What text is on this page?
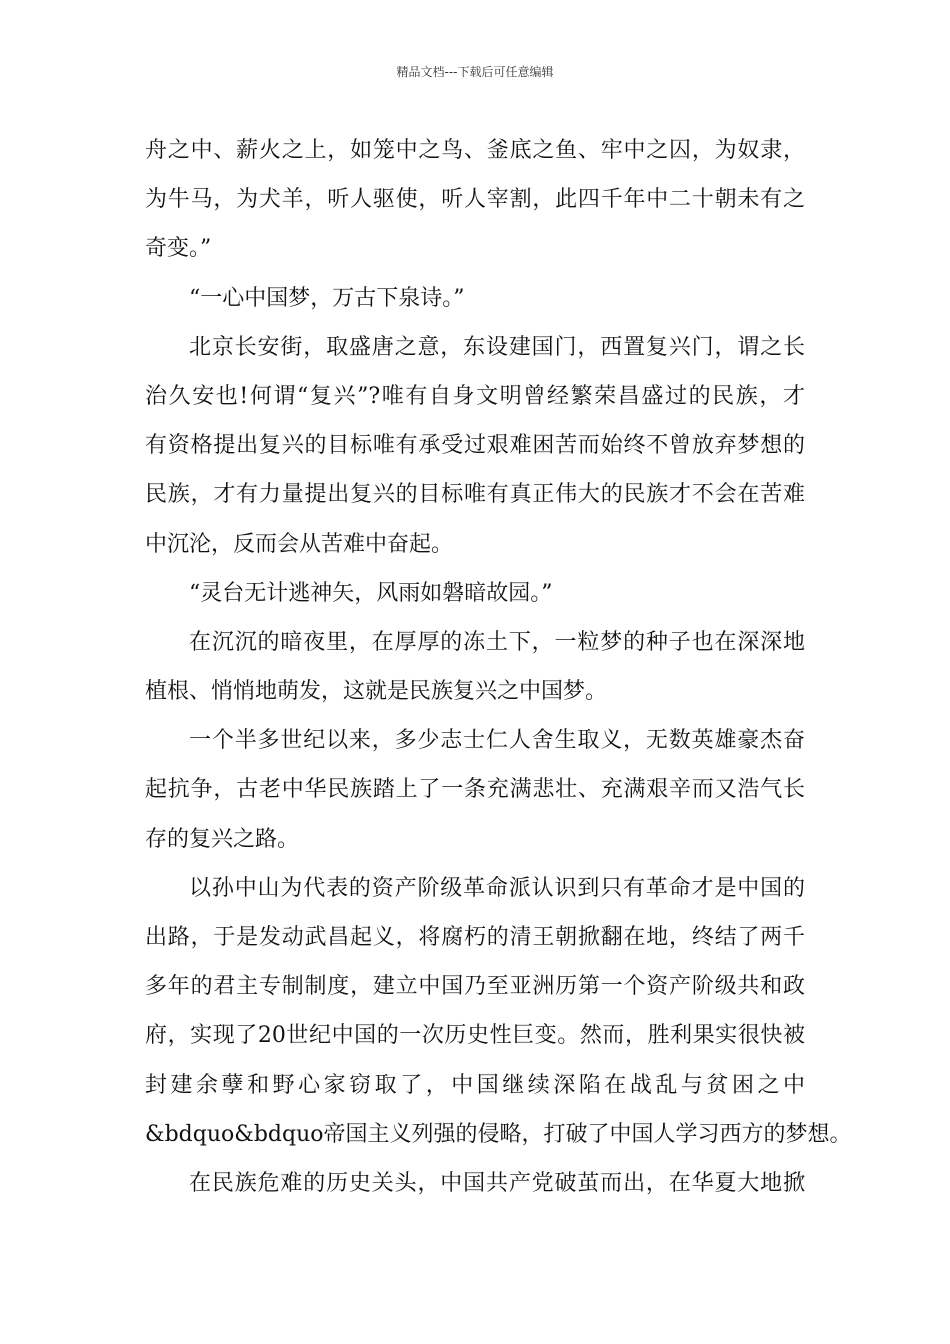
精品文档---下载后可任意编辑
舟之中、薪火之上，如笼中之鸟、釜底之鱼、牢中之囚，为奴隶，
为牛马，为犬羊，听人驱使，听人宰割，此四千年中二十朝未有之
奇变。”
“一心中国梦，万古下泉诗。”
北京长安街，取盛唐之意，东设建国门，西置复兴门，谓之长
治久安也!何谓“复兴”?唯有自身文明曾经繁荣昌盛过的民族，才
有资格提出复兴的目标唯有承受过艰难困苦而始终不曾放弃梦想的
民族，才有力量提出复兴的目标唯有真正伟大的民族才不会在苦难
中沉沦，反而会从苦难中奋起。
“灵台无计逃神矢，风雨如磐暗故园。”
在沉沉的暗夜里，在厚厚的冻土下，一粒梦的种子也在深深地
植根、悄悄地萌发，这就是民族复兴之中国梦。
一个半多世纪以来，多少志士仁人舍生取义，无数英雄豪杰奋
起抗争，古老中华民族踏上了一条充满悲壮、充满艰辛而又浩气长
存的复兴之路。
以孙中山为代表的资产阶级革命派认识到只有革命才是中国的
出路，于是发动武昌起义，将腐朽的清王朝掀翻在地，终结了两千
多年的君主专制制度，建立中国乃至亚洲历第一个资产阶级共和政
府，实现了20世纪中国的一次历史性巨变。然而，胜利果实很快被
封建余孽和野心家窃取了，中国继续深陷在战乱与贫困之中
&bdquo&bdquo帝国主义列强的侵略，打破了中国人学习西方的梦想。
在民族危难的历史关头，中国共产党破茧而出，在华夏大地掀
